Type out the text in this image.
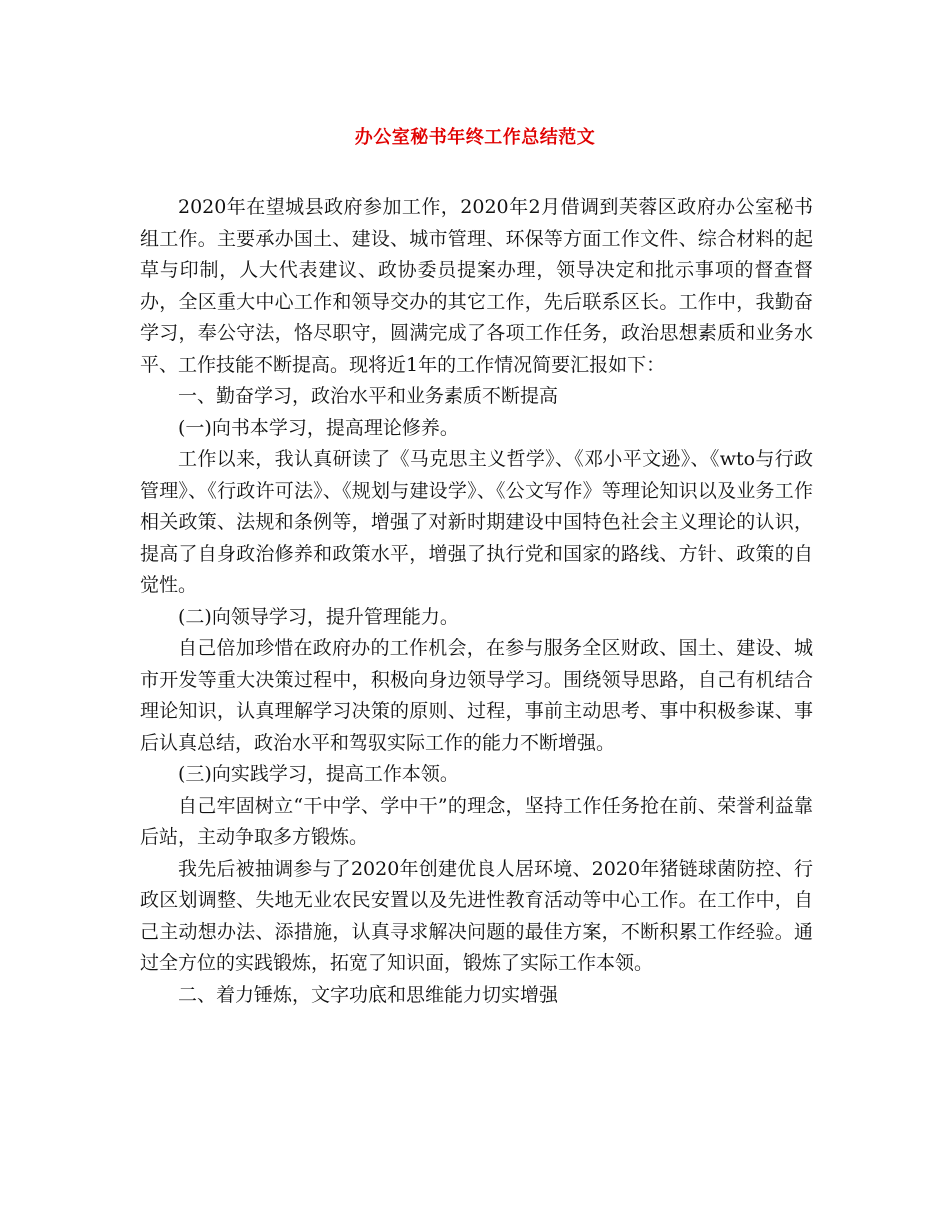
办公室秘书年终工作总结范文

2020年在望城县政府参加工作，2020年2月借调到芙蓉区政府办公室秘书组工作。主要承办国土、建设、城市管理、环保等方面工作文件、综合材料的起草与印制，人大代表建议、政协委员提案办理，领导决定和批示事项的督查督办，全区重大中心工作和领导交办的其它工作，先后联系区长。工作中，我勤奋学习，奉公守法，恪尽职守，圆满完成了各项工作任务，政治思想素质和业务水平、工作技能不断提高。现将近1年的工作情况简要汇报如下：

一、勤奋学习，政治水平和业务素质不断提高

(一)向书本学习，提高理论修养。

工作以来，我认真研读了《马克思主义哲学》、《邓小平文逊》、《wto与行政管理》、《行政许可法》、《规划与建设学》、《公文写作》等理论知识以及业务工作相关政策、法规和条例等，增强了对新时期建设中国特色社会主义理论的认识，提高了自身政治修养和政策水平，增强了执行党和国家的路线、方针、政策的自觉性。

(二)向领导学习，提升管理能力。

自己倍加珍惜在政府办的工作机会，在参与服务全区财政、国土、建设、城市开发等重大决策过程中，积极向身边领导学习。围绕领导思路，自己有机结合理论知识，认真理解学习决策的原则、过程，事前主动思考、事中积极参谋、事后认真总结，政治水平和驾驭实际工作的能力不断增强。

(三)向实践学习，提高工作本领。

自己牢固树立“干中学、学中干”的理念，坚持工作任务抢在前、荣誉利益靠后站，主动争取多方锻炼。

我先后被抽调参与了2020年创建优良人居环境、2020年猪链球菌防控、行政区划调整、失地无业农民安置以及先进性教育活动等中心工作。在工作中，自己主动想办法、添措施，认真寻求解决问题的最佳方案，不断积累工作经验。通过全方位的实践锻炼，拓宽了知识面，锻炼了实际工作本领。

二、着力锤炼，文字功底和思维能力切实增强
